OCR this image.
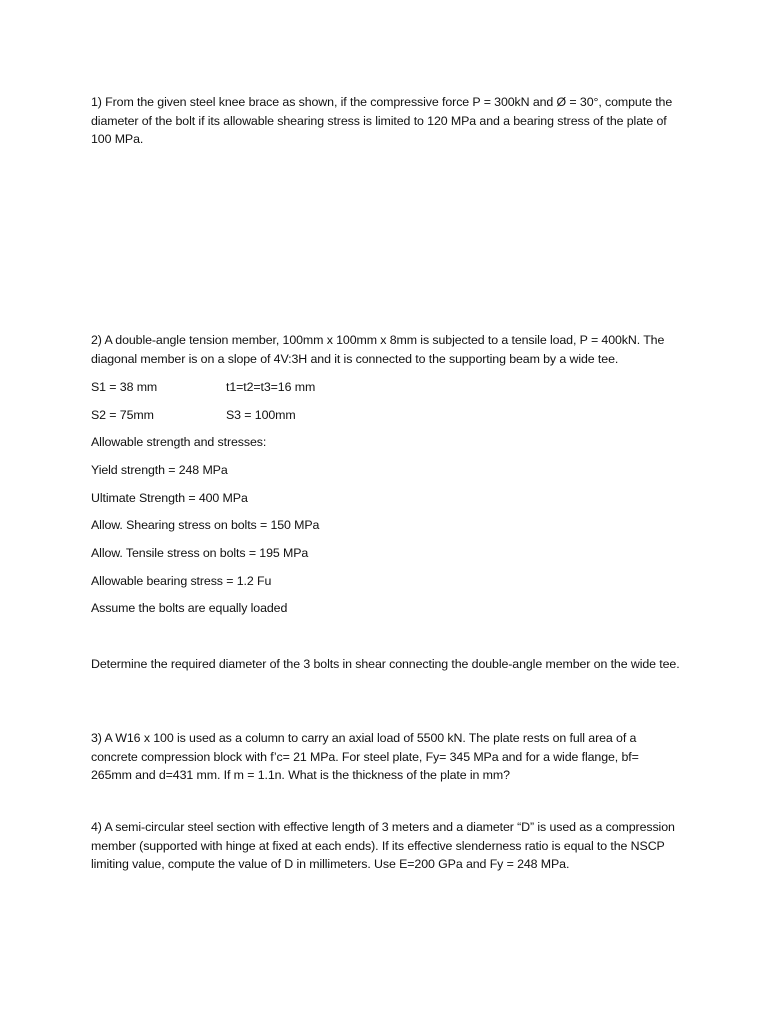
1) From the given steel knee brace as shown, if the compressive force P = 300kN and Ø = 30°, compute the diameter of the bolt if its allowable shearing stress is limited to 120 MPa and a bearing stress of the plate of 100 MPa.

2) A double-angle tension member, 100mm x 100mm x 8mm is subjected to a tensile load, P = 400kN. The diagonal member is on a slope of 4V:3H and it is connected to the supporting beam by a wide tee.

S1 = 38 mm	t1=t2=t3=16 mm

S2 = 75mm	S3 = 100mm

Allowable strength and stresses:

Yield strength = 248 MPa

Ultimate Strength = 400 MPa

Allow. Shearing stress on bolts = 150 MPa

Allow. Tensile stress on bolts = 195 MPa

Allowable bearing stress = 1.2 Fu

Assume the bolts are equally loaded

Determine the required diameter of the 3 bolts in shear connecting the double-angle member on the wide tee.

3) A W16 x 100 is used as a column to carry an axial load of 5500 kN. The plate rests on full area of a concrete compression block with f’c= 21 MPa. For steel plate, Fy= 345 MPa and for a wide flange, bf= 265mm and d=431 mm. If m = 1.1n. What is the thickness of the plate in mm?

4) A semi-circular steel section with effective length of 3 meters and a diameter “D” is used as a compression member (supported with hinge at fixed at each ends). If its effective slenderness ratio is equal to the NSCP limiting value, compute the value of D in millimeters. Use E=200 GPa and Fy = 248 MPa.
